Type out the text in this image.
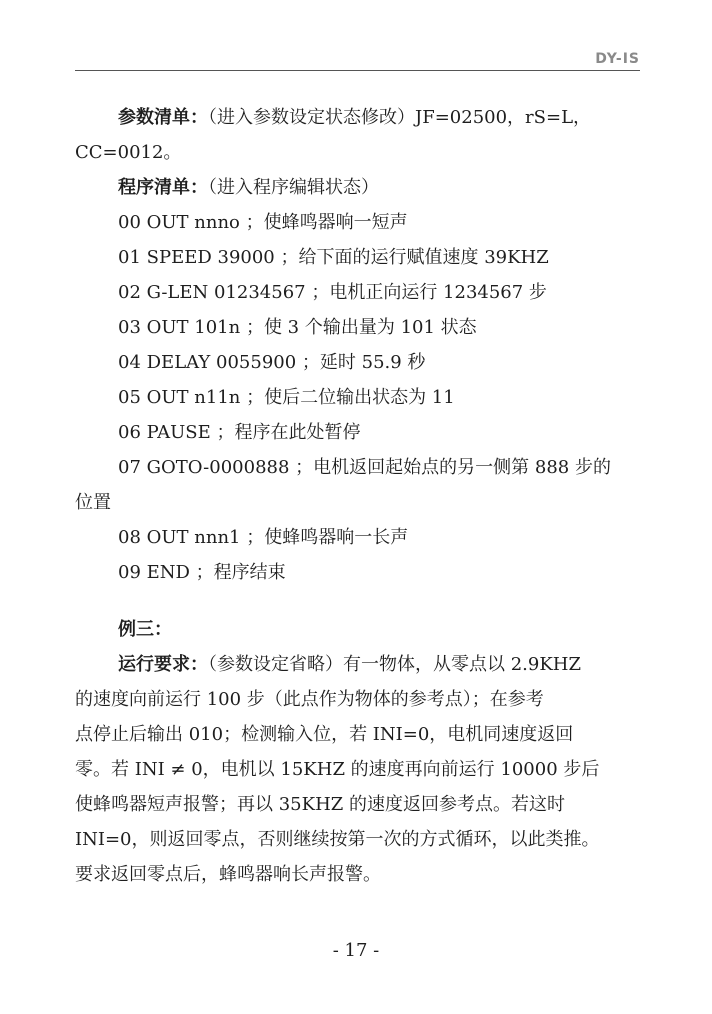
DY-IS
参数清单：（进入参数设定状态修改）JF=02500，rS=L，
CC=0012。
程序清单：（进入程序编辑状态）
00 OUT nnno ；使蜂鸣器响一短声
01 SPEED 39000 ；给下面的运行赋值速度 39KHZ
02 G-LEN 01234567 ；电机正向运行 1234567 步
03 OUT 101n ；使 3 个输出量为 101 状态
04 DELAY 0055900 ；延时 55.9 秒
05 OUT n11n ；使后二位输出状态为 11
06 PAUSE ；程序在此处暂停
07 GOTO-0000888 ；电机返回起始点的另一侧第 888 步的
位置
08 OUT nnn1 ；使蜂鸣器响一长声
09 END ；程序结束
例三：
运行要求：（参数设定省略）有一物体，从零点以 2.9KHZ
的速度向前运行 100 步（此点作为物体的参考点）；在参考
点停止后输出 010；检测输入位，若 INI=0，电机同速度返回
零。若 INI ≠ 0，电机以 15KHZ 的速度再向前运行 10000 步后
使蜂鸣器短声报警；再以 35KHZ 的速度返回参考点。若这时
INI=0，则返回零点，否则继续按第一次的方式循环，以此类推。
要求返回零点后，蜂鸣器响长声报警。
- 17 -
